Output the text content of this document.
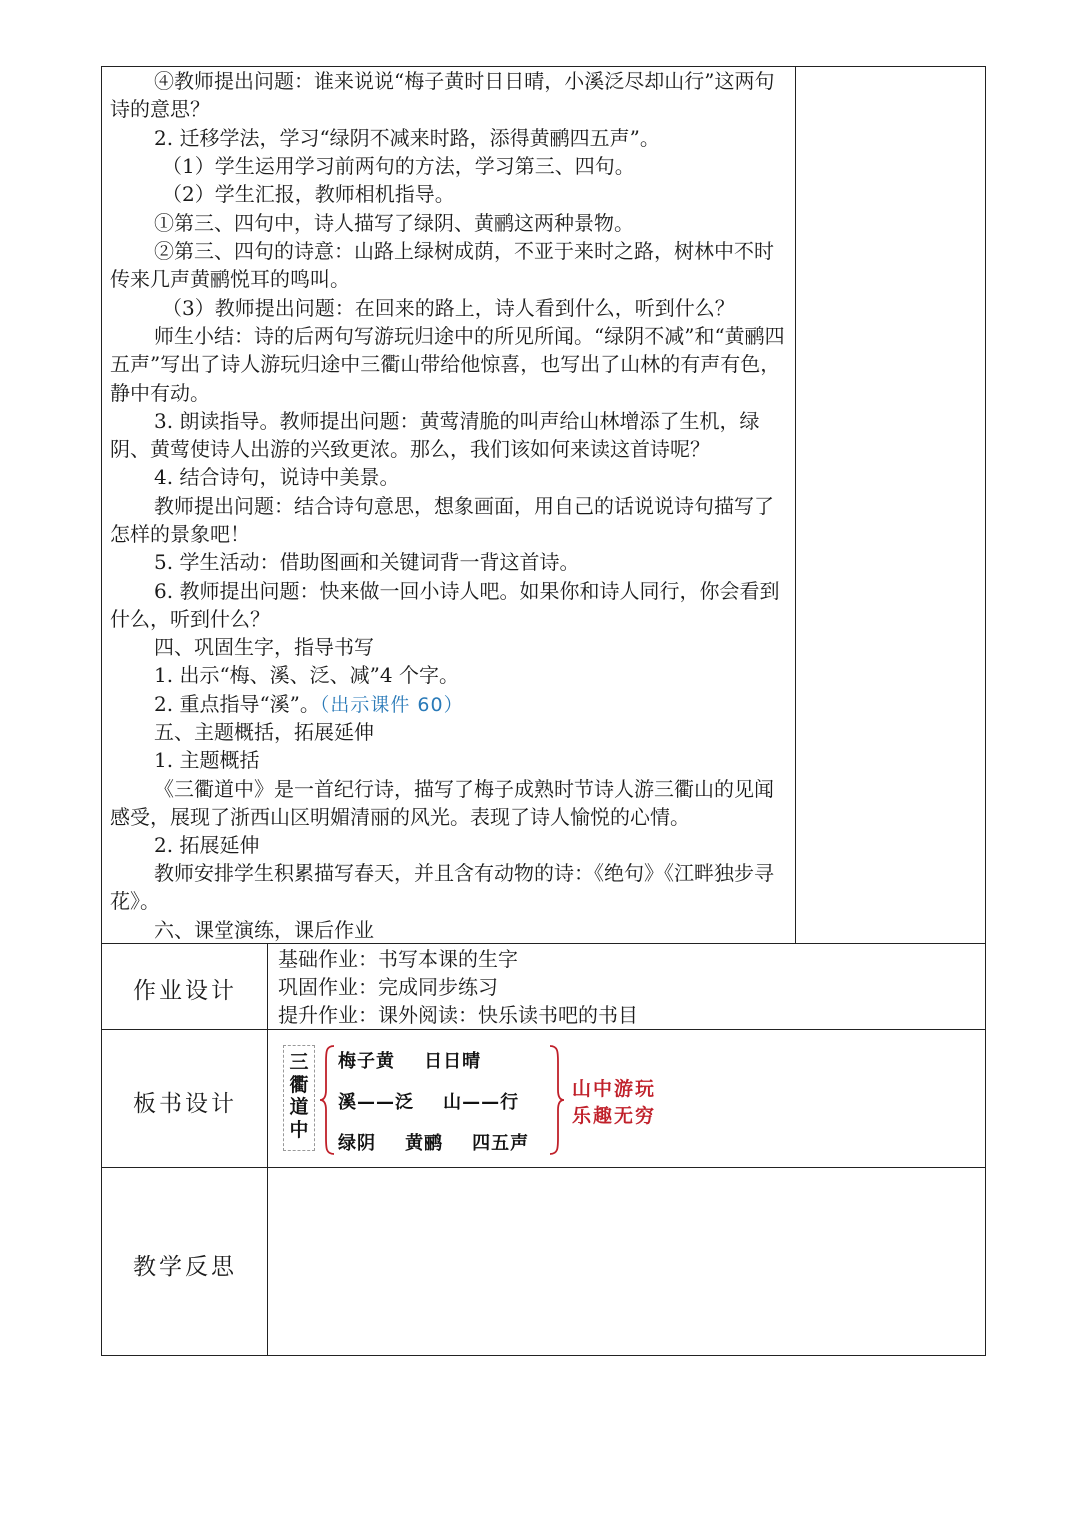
④教师提出问题：谁来说说“梅子黄时日日晴，小溪泛尽却山行”这两句诗的意思？
2. 迁移学法，学习“绿阴不减来时路，添得黄鹂四五声”。
（1）学生运用学习前两句的方法，学习第三、四句。
（2）学生汇报，教师相机指导。
①第三、四句中，诗人描写了绿阴、黄鹂这两种景物。
②第三、四句的诗意：山路上绿树成荫，不亚于来时之路，树林中不时传来几声黄鹂悦耳的鸣叫。
（3）教师提出问题：在回来的路上，诗人看到什么，听到什么？
师生小结：诗的后两句写游玩归途中的所见所闻。“绿阴不减”和“黄鹂四五声”写出了诗人游玩归途中三衢山带给他惊喜，也写出了山林的有声有色，静中有动。
3. 朗读指导。教师提出问题：黄莺清脆的叫声给山林增添了生机，绿阴、黄莺使诗人出游的兴致更浓。那么，我们该如何来读这首诗呢？
4. 结合诗句，说诗中美景。
教师提出问题：结合诗句意思，想象画面，用自己的话说说诗句描写了怎样的景象吧！
5. 学生活动：借助图画和关键词背一背这首诗。
6. 教师提出问题：快来做一回小诗人吧。如果你和诗人同行，你会看到什么，听到什么？
四、巩固生字，指导书写
1. 出示“梅、溪、泛、减”4 个字。
2. 重点指导“溪”。（出示课件 60）
五、主题概括，拓展延伸
1. 主题概括
《三衢道中》是一首纪行诗，描写了梅子成熟时节诗人游三衢山的见闻感受，展现了浙西山区明媚清丽的风光。表现了诗人愉悦的心情。
2. 拓展延伸
教师安排学生积累描写春天，并且含有动物的诗：《绝句》《江畔独步寻花》。
六、课堂演练，课后作业
作业设计
基础作业：书写本课的生字
巩固作业：完成同步练习
提升作业：课外阅读：快乐读书吧的书目
板书设计
三
衢
道
中
梅子黄    日日晴
溪——泛    山——行
绿阴    黄鹂    四五声
山中游玩
乐趣无穷
教学反思
